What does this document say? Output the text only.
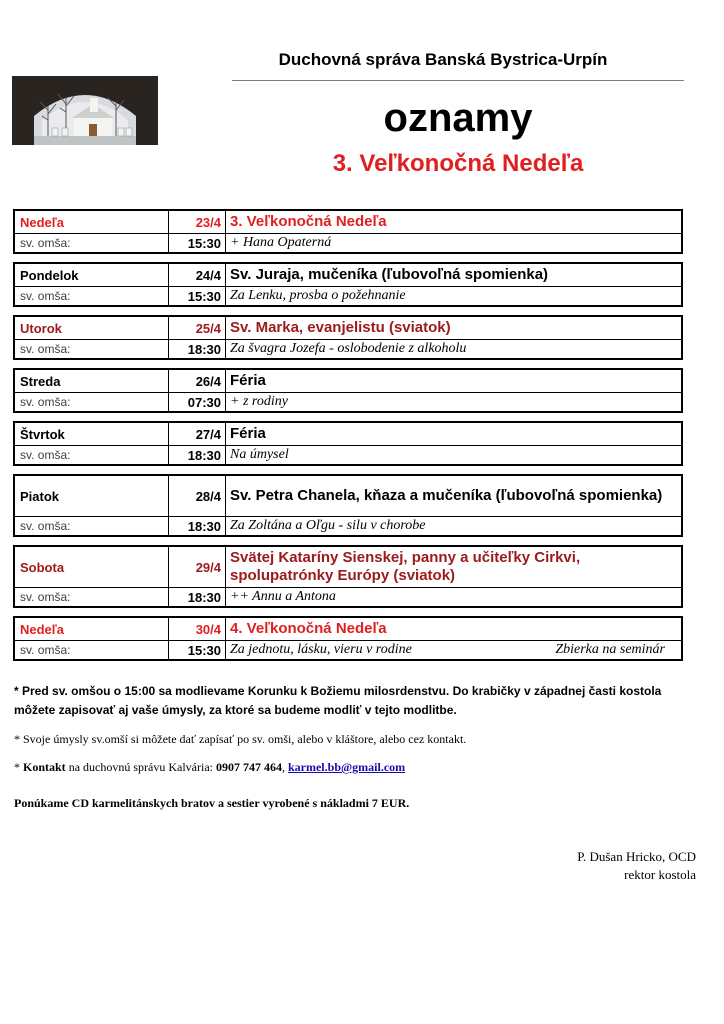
Duchovná správa Banská Bystrica-Urpín
oznamy
3. Veľkonočná Nedeľa
Nedeľa	23/4 3. Veľkonočná Nedeľa
sv. omša:	15:30 + Hana Opaterná
Pondelok	24/4 Sv. Juraja, mučeníka (ľubovoľná spomienka)
sv. omša:	15:30 Za Lenku, prosba o požehnanie
Utorok	25/4 Sv. Marka, evanjelistu (sviatok)
sv. omša:	18:30 Za švagra Jozefa - oslobodenie z alkoholu
Streda	26/4 Féria
sv. omša:	07:30 + z rodiny
Štvrtok	27/4 Féria
sv. omša:	18:30 Na úmysel
Piatok	28/4 Sv. Petra Chanela, kňaza a mučeníka (ľubovoľná spomienka)
sv. omša:	18:30 Za Zoltána a Oľgu - silu v chorobe
Sobota	29/4
Svätej Kataríny Sienskej, panny a učiteľky Cirkvi, spolupatrónky Európy (sviatok)
sv. omša:	18:30 ++ Annu a Antona
Nedeľa	30/4 4. Veľkonočná Nedeľa
sv. omša:	15:30 Za jednotu, lásku, vieru v rodine	Zbierka na seminár

* Pred sv. omšou o 15:00 sa modlievame Korunku k Božiemu milosrdenstvu. Do krabičky v západnej časti kostola môžete zapisovať aj vaše úmysly, za ktoré sa budeme modliť v tejto modlitbe.

* Svoje úmysly sv.omší si môžete dať zapísať po sv. omši, alebo v kláštore, alebo cez kontakt.

* Kontakt na duchovnú správu Kalvária: 0907 747 464, karmel.bb@gmail.com

Ponúkame CD karmelitánskych bratov a sestier vyrobené s nákladmi 7 EUR.

P. Dušan Hricko, OCD
rektor kostola
